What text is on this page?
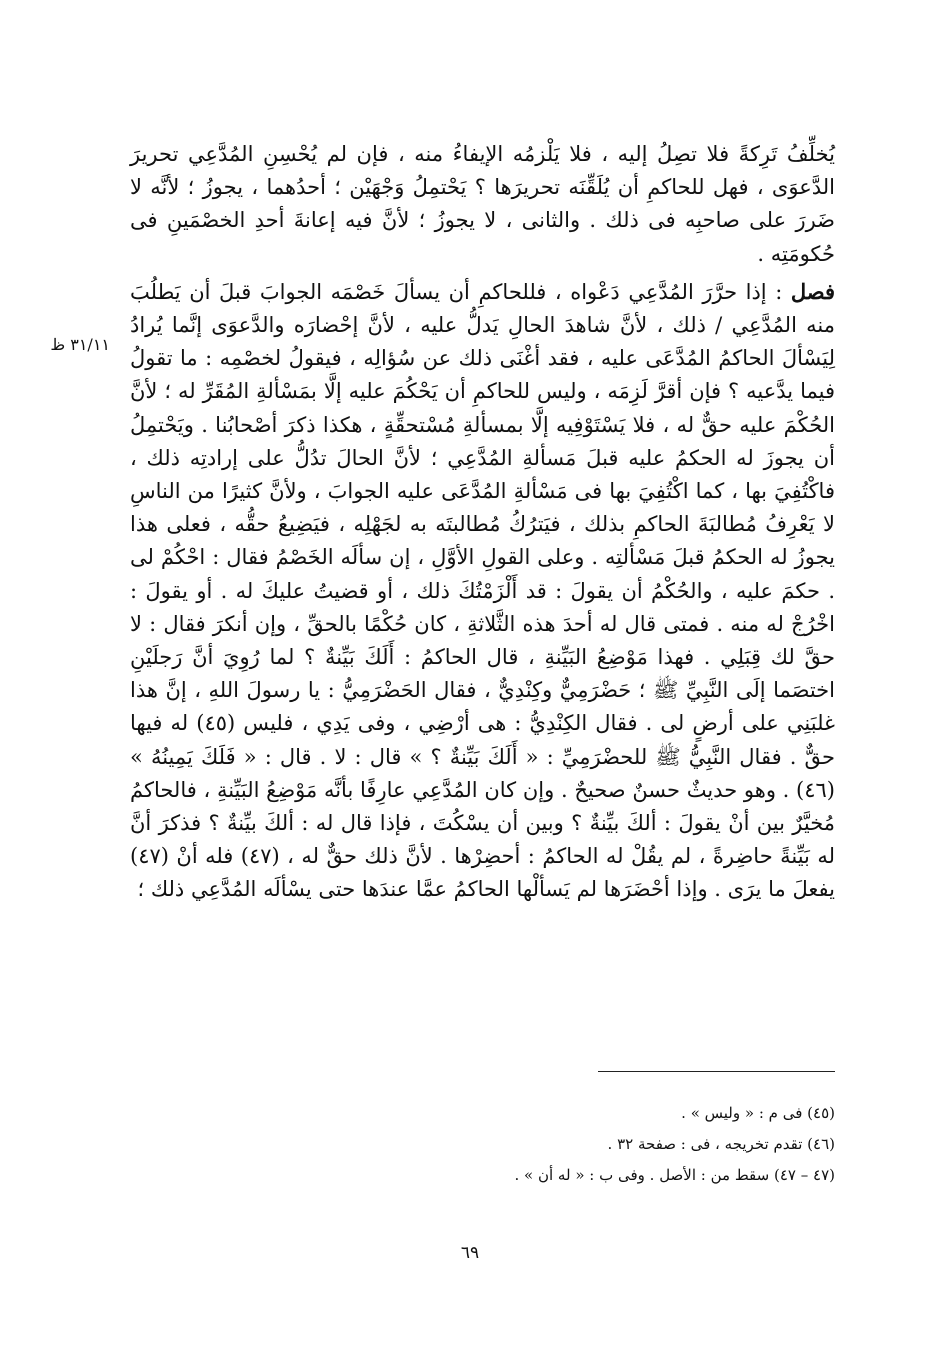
٣١/١١ ظ

يُخلِّفُ تَرِكةً فلا تصِلُ إليه ، فلا يَلْزمُه الإيفاءُ منه ، فإن لم يُحْسِنِ المُدَّعِي تحريرَ الدَّعوَى ، فهل للحاكمِ أن يُلَقِّنَه تحريرَها ؟ يَحْتمِلُ وَجْهَيْن ؛ أحدُهما ، يجوزُ ؛ لأنَّه لا ضَررَ على صاحبِه فى ذلك . والثانى ، لا يجوزُ ؛ لأنَّ فيه إعانةَ أحدِ الخصْمَينِ فى حُكومَتِه .

فصل : إذا حرَّرَ المُدَّعِي دَعْواه ، فللحاكمِ أن يسألَ خَصْمَه الجوابَ قبلَ أن يَطلُبَ منه المُدَّعِي / ذلك ، لأنَّ شاهدَ الحالِ يَدلُّ عليه ، لأنَّ إحْضارَه والدَّعوَى إنَّما يُرادُ لِيَسْألَ الحاكمُ المُدَّعَى عليه ، فقد أغْنَى ذلك عن سُؤالِه ، فيقولُ لخصْمِه : ما تقولُ فيما يدَّعيه ؟ فإن أقرَّ لَزِمَه ، وليس للحاكمِ أن يَحْكُمَ عليه إلَّا بمَسْألةِ المُقَرِّ له ؛ لأنَّ الحُكْمَ عليه حقٌّ له ، فلا يَسْتَوْفِيه إلَّا بمسألةِ مُسْتحقِّةٍ ، هكذا ذكرَ أصْحابُنا . ويَحْتمِلُ أن يجوزَ له الحكمُ عليه قبلَ مَسألةِ المُدَّعِي ؛ لأنَّ الحالَ تدُلُّ على إرادتِه ذلك ، فاكْتُفِيَ بها ، كما اكْتُفِيَ بها فى مَسْألةِ المُدَّعَى عليه الجوابَ ، ولأنَّ كثيرًا من الناسِ لا يَعْرِفُ مُطالبَةَ الحاكمِ بذلك ، فيَترُكُ مُطالبتَه به لجَهْلِه ، فيَضِيعُ حقُّه ، فعلى هذا يجوزُ له الحكمُ قبلَ مَسْألتِه . وعلى القولِ الأوَّلِ ، إن سألَه الخَصْمُ فقال : احْكُمْ لى . حكمَ عليه ، والحُكْمُ أن يقولَ : قد أَلْزَمْتُكَ ذلك ، أو قضيتُ عليكَ له . أو يقولَ : اخْرُجْ له منه . فمتى قال له أحدَ هذه الثَّلاثةِ ، كان حُكْمًا بالحقِّ ، وإن أنكرَ فقال : لا حقَّ لك قِبَلِي . فهذا مَوْضِعُ البَيِّنةِ ، قال الحاكمُ : أَلَكَ بَيِّنةٌ ؟ لما رُوِيَ أنَّ رَجلَيْنِ اختصَما إلَى النَّبِيِّ ﷺ ؛ حَضْرَمِيٌّ وكِنْدِيٌّ ، فقال الحَضْرَمِيُّ : يا رسولَ اللهِ ، إنَّ هذا غلبَنِي على أرضٍ لى . فقال الكِنْدِيُّ : هى أرْضِي ، وفى يَدِي ، فليس (٤٥) له فيها حقٌّ . فقال النَّبِيُّ ﷺ للحضْرَمِيِّ : « أَلَكَ بَيِّنةٌ ؟ » قال : لا . قال : « فَلَكَ يَمِينُهُ » (٤٦) . وهو حديثٌ حسنٌ صحيحٌ . وإن كان المُدَّعِي عارِفًا بأنَّه مَوْضِعُ البَيِّنةِ ، فالحاكمُ مُخيَّرٌ بين أنْ يقولَ : ألكَ بيِّنةٌ ؟ وبين أن يسْكُتَ ، فإذا قال له : ألكَ بيِّنةٌ ؟ فذكرَ أنَّ له بَيِّنةً حاضِرةً ، لم يقُلْ له الحاكمُ : أحضِرْها . لأنَّ ذلك حقٌّ له ، (٤٧) فله أنْ (٤٧) يفعلَ ما يرَى . وإذا أحْضَرَها لم يَسألْها الحاكمُ عمَّا عندَها حتى يسْألَه المُدَّعِي ذلك ؛

(٤٥) فى م : « وليس » .

(٤٦) تقدم تخريجه ، فى : صفحة ٣٢ .

(٤٧ – ٤٧) سقط من : الأصل . وفى ب : « له أن » .

٦٩
